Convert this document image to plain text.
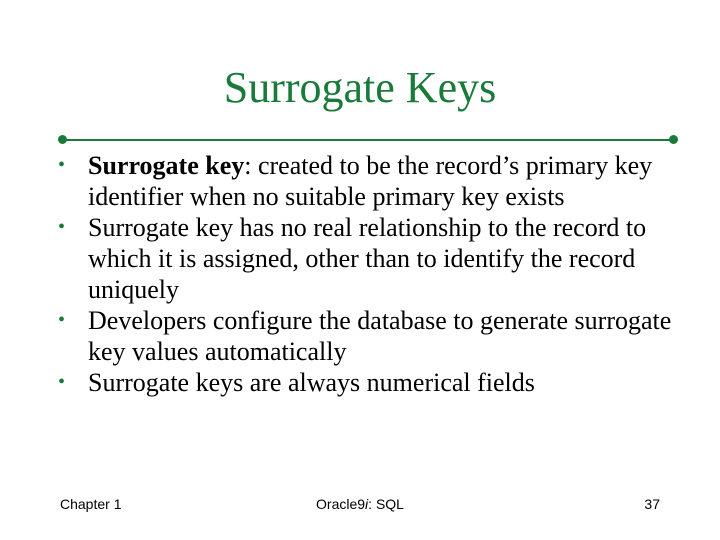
Surrogate Keys
• Surrogate key: created to be the record’s primary key identifier when no suitable primary key exists
• Surrogate key has no real relationship to the record to which it is assigned, other than to identify the record uniquely
• Developers configure the database to generate surrogate key values automatically
• Surrogate keys are always numerical fields
Chapter 1	Oracle9i: SQL	37
